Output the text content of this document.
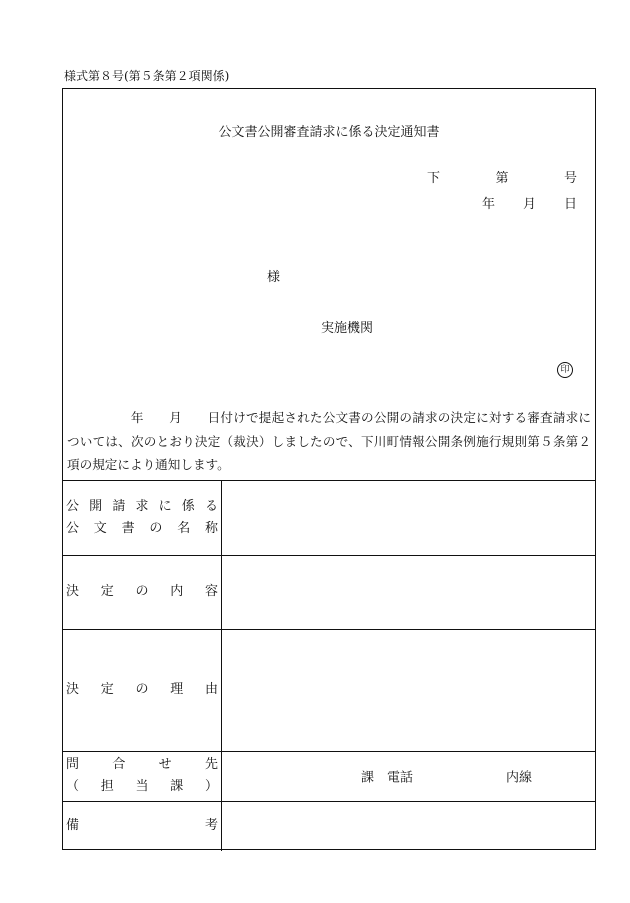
様式第８号(第５条第２項関係)
公文書公開審査請求に係る決定通知書
下	第	号
年 月 日
様
実施機関
印
　　　　　年　　月　　日付けで提起された公文書の公開の請求の決定に対する審査請求については、次のとおり決定（裁決）しましたので、下川町情報公開条例施行規則第５条第２項の規定により通知します。
公 開 請 求 に 係 る
公 文 書 の 名 称
決 定 の 内 容
決 定 の 理 由
問	合	せ	先
（ 担 当 課 ）
課 電話	内線
備	考
